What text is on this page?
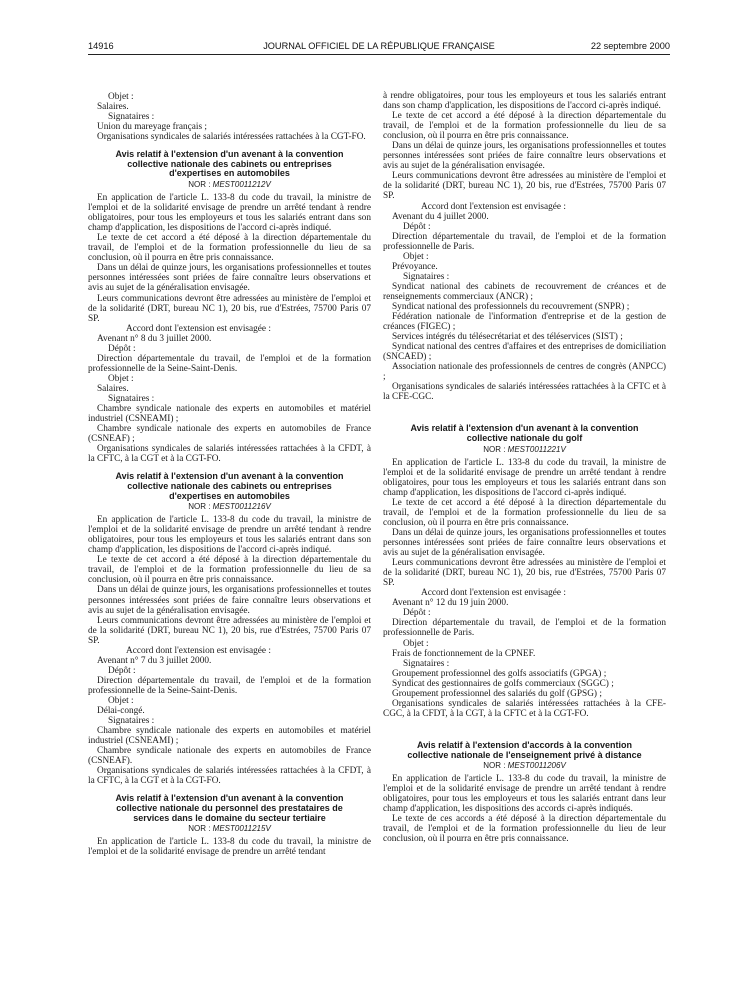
14916	JOURNAL OFFICIEL DE LA RÉPUBLIQUE FRANÇAISE	22 septembre 2000

Objet :

Salaires.

Signataires :

Union du mareyage français ;

Organisations syndicales de salariés intéressées rattachées à la CGT-FO.

Avis relatif à l'extension d'un avenant à la convention collective nationale des cabinets ou entreprises d'expertises en automobiles

NOR : MEST0011212V

En application de l'article L. 133-8 du code du travail, la ministre de l'emploi et de la solidarité envisage de prendre un arrêté tendant à rendre obligatoires, pour tous les employeurs et tous les salariés entrant dans son champ d'application, les dispositions de l'accord ci-après indiqué.

Le texte de cet accord a été déposé à la direction départementale du travail, de l'emploi et de la formation professionnelle du lieu de sa conclusion, où il pourra en être pris connaissance.

Dans un délai de quinze jours, les organisations professionnelles et toutes personnes intéressées sont priées de faire connaître leurs observations et avis au sujet de la généralisation envisagée.

Leurs communications devront être adressées au ministère de l'emploi et de la solidarité (DRT, bureau NC 1), 20 bis, rue d'Estrées, 75700 Paris 07 SP.

Accord dont l'extension est envisagée :

Avenant n° 8 du 3 juillet 2000.

Dépôt :

Direction départementale du travail, de l'emploi et de la formation professionnelle de la Seine-Saint-Denis.

Objet :

Salaires.

Signataires :

Chambre syndicale nationale des experts en automobiles et matériel industriel (CSNEAMI) ;

Chambre syndicale nationale des experts en automobiles de France (CSNEAF) ;

Organisations syndicales de salariés intéressées rattachées à la CFDT, à la CFTC, à la CGT et à la CGT-FO.

Avis relatif à l'extension d'un avenant à la convention collective nationale des cabinets ou entreprises d'expertises en automobiles

NOR : MEST0011216V

En application de l'article L. 133-8 du code du travail, la ministre de l'emploi et de la solidarité envisage de prendre un arrêté tendant à rendre obligatoires, pour tous les employeurs et tous les salariés entrant dans son champ d'application, les dispositions de l'accord ci-après indiqué.

Le texte de cet accord a été déposé à la direction départementale du travail, de l'emploi et de la formation professionnelle du lieu de sa conclusion, où il pourra en être pris connaissance.

Dans un délai de quinze jours, les organisations professionnelles et toutes personnes intéressées sont priées de faire connaître leurs observations et avis au sujet de la généralisation envisagée.

Leurs communications devront être adressées au ministère de l'emploi et de la solidarité (DRT, bureau NC 1), 20 bis, rue d'Estrées, 75700 Paris 07 SP.

Accord dont l'extension est envisagée :

Avenant n° 7 du 3 juillet 2000.

Dépôt :

Direction départementale du travail, de l'emploi et de la formation professionnelle de la Seine-Saint-Denis.

Objet :

Délai-congé.

Signataires :

Chambre syndicale nationale des experts en automobiles et matériel industriel (CSNEAMI) ;

Chambre syndicale nationale des experts en automobiles de France (CSNEAF).

Organisations syndicales de salariés intéressées rattachées à la CFDT, à la CFTC, à la CGT et à la CGT-FO.

Avis relatif à l'extension d'un avenant à la convention collective nationale du personnel des prestataires de services dans le domaine du secteur tertiaire

NOR : MEST0011215V

En application de l'article L. 133-8 du code du travail, la ministre de l'emploi et de la solidarité envisage de prendre un arrêté tendant

à rendre obligatoires, pour tous les employeurs et tous les salariés entrant dans son champ d'application, les dispositions de l'accord ci-après indiqué.

Le texte de cet accord a été déposé à la direction départementale du travail, de l'emploi et de la formation professionnelle du lieu de sa conclusion, où il pourra en être pris connaissance.

Dans un délai de quinze jours, les organisations professionnelles et toutes personnes intéressées sont priées de faire connaître leurs observations et avis au sujet de la généralisation envisagée.

Leurs communications devront être adressées au ministère de l'emploi et de la solidarité (DRT, bureau NC 1), 20 bis, rue d'Estrées, 75700 Paris 07 SP.

Accord dont l'extension est envisagée :

Avenant du 4 juillet 2000.

Dépôt :

Direction départementale du travail, de l'emploi et de la formation professionnelle de Paris.

Objet :

Prévoyance.

Signataires :

Syndicat national des cabinets de recouvrement de créances et de renseignements commerciaux (ANCR) ;

Syndicat national des professionnels du recouvrement (SNPR) ;

Fédération nationale de l'information d'entreprise et de la gestion de créances (FIGEC) ;

Services intégrés du télésecrétariat et des téléservices (SIST) ;

Syndicat national des centres d'affaires et des entreprises de domiciliation (SNCAED) ;

Association nationale des professionnels de centres de congrès (ANPCC) ;

Organisations syndicales de salariés intéressées rattachées à la CFTC et à la CFE-CGC.

Avis relatif à l'extension d'un avenant à la convention collective nationale du golf

NOR : MEST0011221V

En application de l'article L. 133-8 du code du travail, la ministre de l'emploi et de la solidarité envisage de prendre un arrêté tendant à rendre obligatoires, pour tous les employeurs et tous les salariés entrant dans son champ d'application, les dispositions de l'accord ci-après indiqué.

Le texte de cet accord a été déposé à la direction départementale du travail, de l'emploi et de la formation professionnelle du lieu de sa conclusion, où il pourra en être pris connaissance.

Dans un délai de quinze jours, les organisations professionnelles et toutes personnes intéressées sont priées de faire connaître leurs observations et avis au sujet de la généralisation envisagée.

Leurs communications devront être adressées au ministère de l'emploi et de la solidarité (DRT, bureau NC 1), 20 bis, rue d'Estrées, 75700 Paris 07 SP.

Accord dont l'extension est envisagée :

Avenant n° 12 du 19 juin 2000.

Dépôt :

Direction départementale du travail, de l'emploi et de la formation professionnelle de Paris.

Objet :

Frais de fonctionnement de la CPNEF.

Signataires :

Groupement professionnel des golfs associatifs (GPGA) ;

Syndicat des gestionnaires de golfs commerciaux (SGGC) ;

Groupement professionnel des salariés du golf (GPSG) ;

Organisations syndicales de salariés intéressées rattachées à la CFE-CGC, à la CFDT, à la CGT, à la CFTC et à la CGT-FO.

Avis relatif à l'extension d'accords à la convention collective nationale de l'enseignement privé à distance

NOR : MEST0011206V

En application de l'article L. 133-8 du code du travail, la ministre de l'emploi et de la solidarité envisage de prendre un arrêté tendant à rendre obligatoires, pour tous les employeurs et tous les salariés entrant dans leur champ d'application, les dispositions des accords ci-après indiqués.

Le texte de ces accords a été déposé à la direction départementale du travail, de l'emploi et de la formation professionnelle du lieu de leur conclusion, où il pourra en être pris connaissance.
